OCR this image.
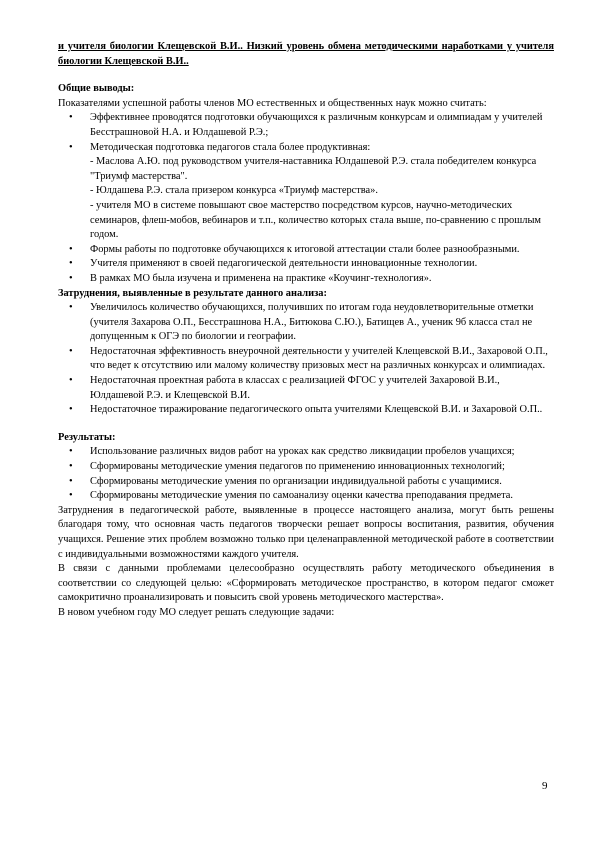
и учителя биологии Клещевской В.И.. Низкий уровень обмена методическими наработками у учителя биологии Клещевской В.И..

Общие выводы:

Показателями успешной работы членов МО естественных и общественных наук можно считать:

• Эффективнее проводятся подготовки обучающихся к различным конкурсам и олимпиадам у учителей Бесстрашновой Н.А. и Юлдашевой Р.Э.;
• Методическая подготовка педагогов стала более продуктивная:
- Маслова А.Ю. под руководством учителя-наставника Юлдашевой Р.Э. стала победителем конкурса "Триумф мастерства".
- Юлдашева Р.Э. стала призером конкурса «Триумф мастерства».
- учителя МО в системе повышают свое мастерство посредством курсов, научно-методических семинаров, флеш-мобов, вебинаров и т.п., количество которых стала выше, по-сравнению с прошлым годом.
• Формы работы по подготовке обучающихся к итоговой аттестации стали более разнообразными.
• Учителя применяют в своей педагогической деятельности инновационные технологии.
• В рамках МО была изучена и применена на практике «Коучинг-технология».

Затруднения, выявленные в результате данного анализа:

• Увеличилось количество обучающихся, получивших по итогам года неудовлетворительные отметки (учителя Захарова О.П., Бесстрашнова Н.А., Битюкова С.Ю.), Батищев А., ученик 9б класса стал не допущенным к ОГЭ по биологии и географии.
• Недостаточная эффективность внеурочной деятельности у учителей Клещевской В.И., Захаровой О.П., что ведет к отсутствию или малому количеству призовых мест на различных конкурсах и олимпиадах.
• Недостаточная проектная работа в классах с реализацией ФГОС у учителей Захаровой В.И., Юлдашевой Р.Э. и Клещевской В.И.
• Недостаточное тиражирование педагогического опыта учителями Клещевской В.И. и Захаровой О.П..

Результаты:

• Использование различных видов работ на уроках как средство ликвидации пробелов учащихся;
• Сформированы методические умения педагогов по применению инновационных технологий;
• Сформированы методические умения по организации индивидуальной работы с учащимися.
• Сформированы методические умения по самоанализу оценки качества преподавания предмета.

Затруднения в педагогической работе, выявленные в процессе настоящего анализа, могут быть решены благодаря тому, что основная часть педагогов творчески решает вопросы воспитания, развития, обучения учащихся. Решение этих проблем возможно только при целенаправленной методической работе в соответствии с индивидуальными возможностями каждого учителя.

В связи с данными проблемами целесообразно осуществлять работу методического объединения в соответствии со следующей целью: «Сформировать методическое пространство, в котором педагог сможет самокритично проанализировать и повысить свой уровень методического мастерства».

В новом учебном году МО следует решать следующие задачи:

9
